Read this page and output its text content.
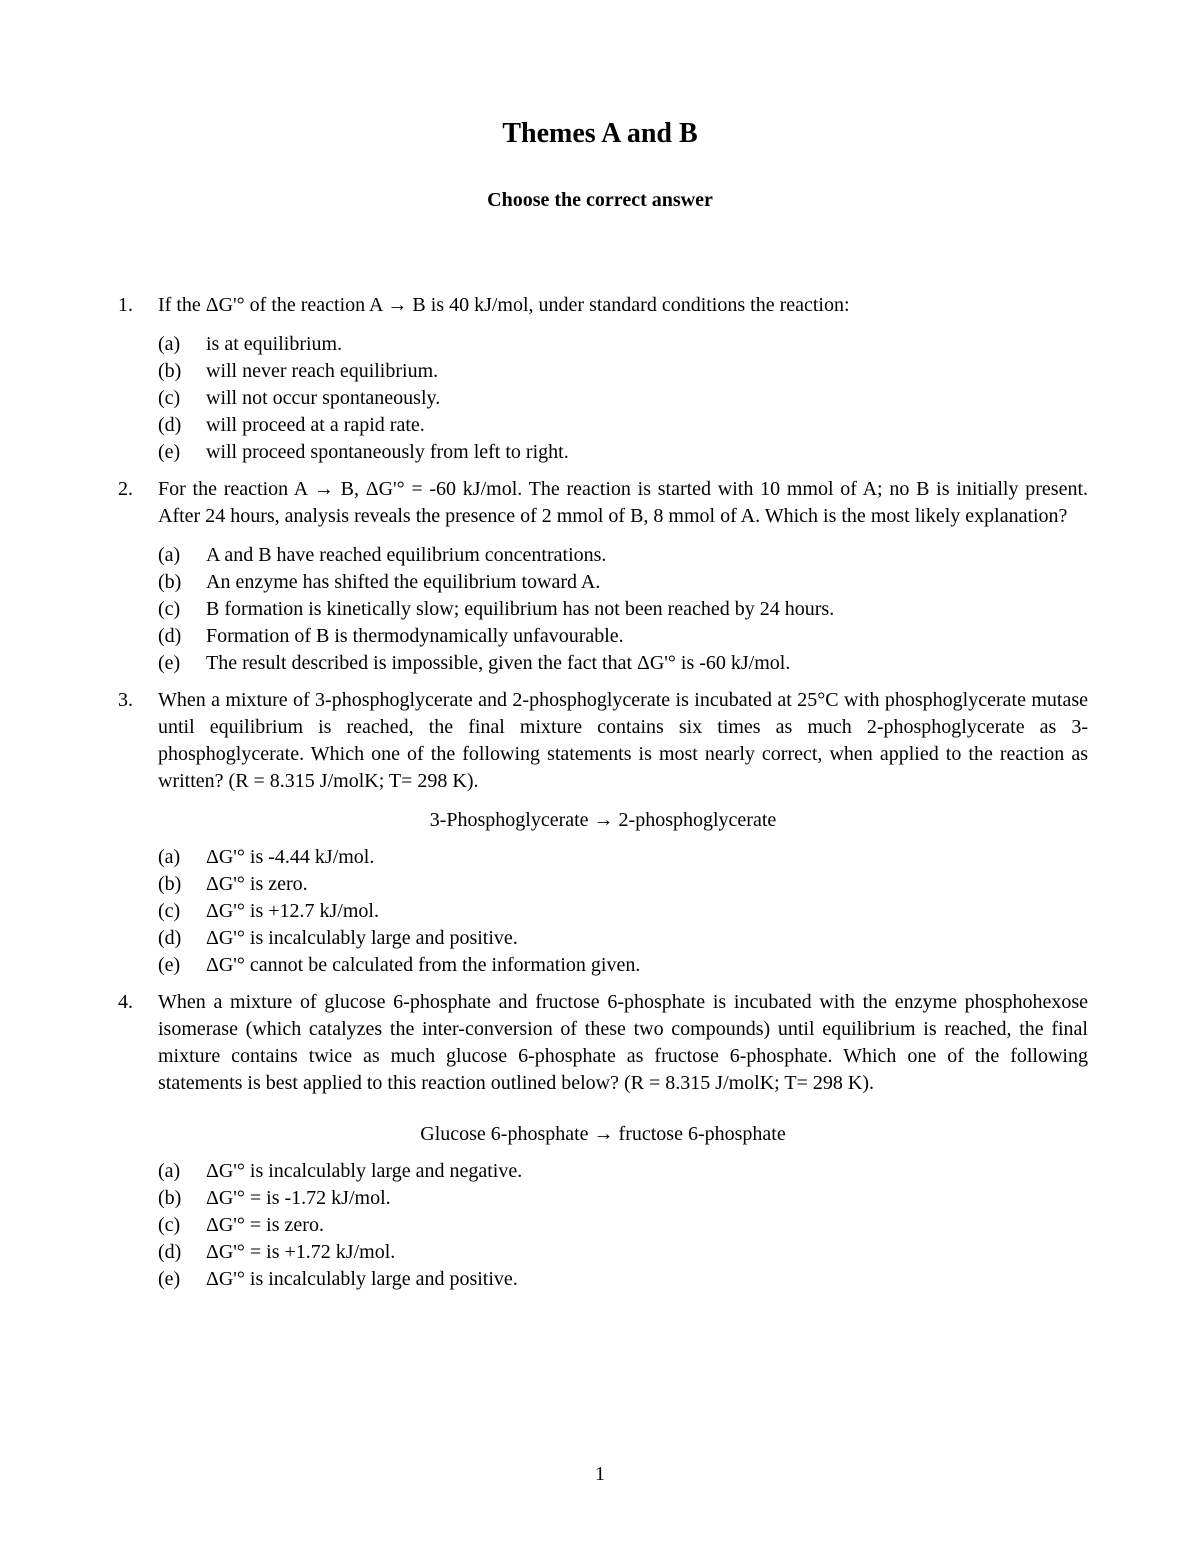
Themes A and B
Choose the correct answer
1. If the ΔG'° of the reaction A → B is 40 kJ/mol, under standard conditions the reaction:

(a) is at equilibrium.
(b) will never reach equilibrium.
(c) will not occur spontaneously.
(d) will proceed at a rapid rate.
(e) will proceed spontaneously from left to right.
2. For the reaction A → B, ΔG'° = -60 kJ/mol. The reaction is started with 10 mmol of A; no B is initially present. After 24 hours, analysis reveals the presence of 2 mmol of B, 8 mmol of A. Which is the most likely explanation?

(a) A and B have reached equilibrium concentrations.
(b) An enzyme has shifted the equilibrium toward A.
(c) B formation is kinetically slow; equilibrium has not been reached by 24 hours.
(d) Formation of B is thermodynamically unfavourable.
(e) The result described is impossible, given the fact that ΔG'° is -60 kJ/mol.
3. When a mixture of 3-phosphoglycerate and 2-phosphoglycerate is incubated at 25°C with phosphoglycerate mutase until equilibrium is reached, the final mixture contains six times as much 2-phosphoglycerate as 3-phosphoglycerate. Which one of the following statements is most nearly correct, when applied to the reaction as written? (R = 8.315 J/molK; T= 298 K).

3-Phosphoglycerate → 2-phosphoglycerate

(a) ΔG'° is -4.44 kJ/mol.
(b) ΔG'° is zero.
(c) ΔG'° is +12.7 kJ/mol.
(d) ΔG'° is incalculably large and positive.
(e) ΔG'° cannot be calculated from the information given.
4. When a mixture of glucose 6-phosphate and fructose 6-phosphate is incubated with the enzyme phosphohexose isomerase (which catalyzes the inter-conversion of these two compounds) until equilibrium is reached, the final mixture contains twice as much glucose 6-phosphate as fructose 6-phosphate. Which one of the following statements is best applied to this reaction outlined below? (R = 8.315 J/molK; T= 298 K).

Glucose 6-phosphate → fructose 6-phosphate

(a) ΔG'° is incalculably large and negative.
(b) ΔG'° = is -1.72 kJ/mol.
(c) ΔG'° = is zero.
(d) ΔG'° = is +1.72 kJ/mol.
(e) ΔG'° is incalculably large and positive.

1
